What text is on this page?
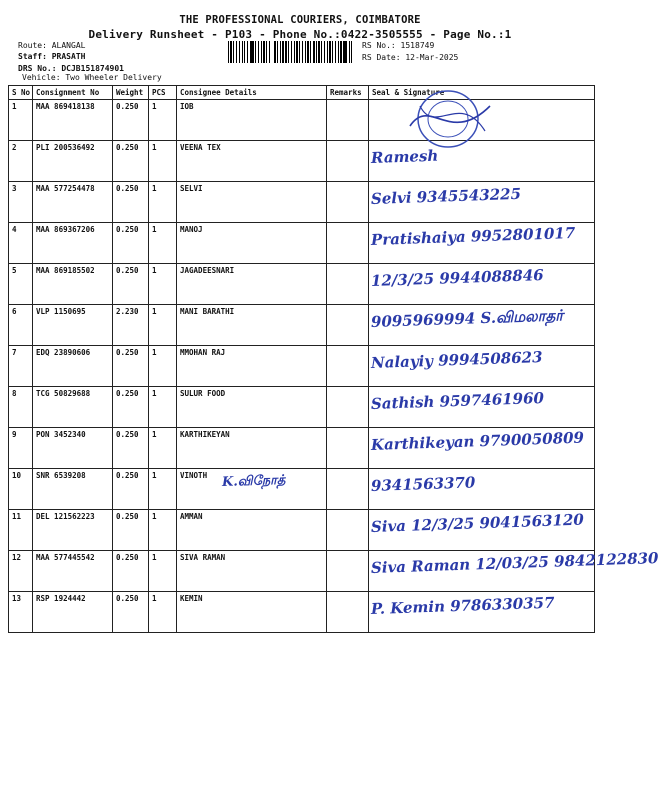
THE PROFESSIONAL COURIERS, COIMBATORE
Delivery Runsheet - P103 - Phone No.:0422-3505555 - Page No.:1
Route: ALANGAL
Staff: PRASATH
DRS No.: DCJB151874901
Vehicle: Two Wheeler Delivery
RS No.: 1518749
RS Date: 12-Mar-2025
S No	Consignment No	Weight	PCS	Consignee Details	Remarks	Seal & Signature
1	MAA 869418138	0.250	1	IOB		

2	PLI 200536492	0.250	1	VEENA TEX		Ramesh

3	MAA 577254478	0.250	1	SELVI		Selvi 9345543225

4	MAA 869367206	0.250	1	MANOJ		Pratishaiya 9952801017

5	MAA 869185502	0.250	1	JAGADEESNARI		12/3/25 9944088846

6	VLP 1150695	2.230	1	MANI BARATHI		9095969994 S.விமலாதர்

7	EDQ 23890606	0.250	1	MMOHAN RAJ		Nalayiy 9994508623

8	TCG 50829688	0.250	1	SULUR FOOD		Sathish 9597461960

9	PON 3452340	0.250	1	KARTHIKEYAN		Karthikeyan 9790050809

10	SNR 6539208	0.250	1	VINOTH K.விநோத்		9341563370

11	DEL 121562223	0.250	1	AMMAN		Siva 12/3/25 9041563120

12	MAA 577445542	0.250	1	SIVA RAMAN		Siva Raman 12/03/25 9842122830

13	RSP 1924442	0.250	1	KEMIN		P. Kemin 9786330357
